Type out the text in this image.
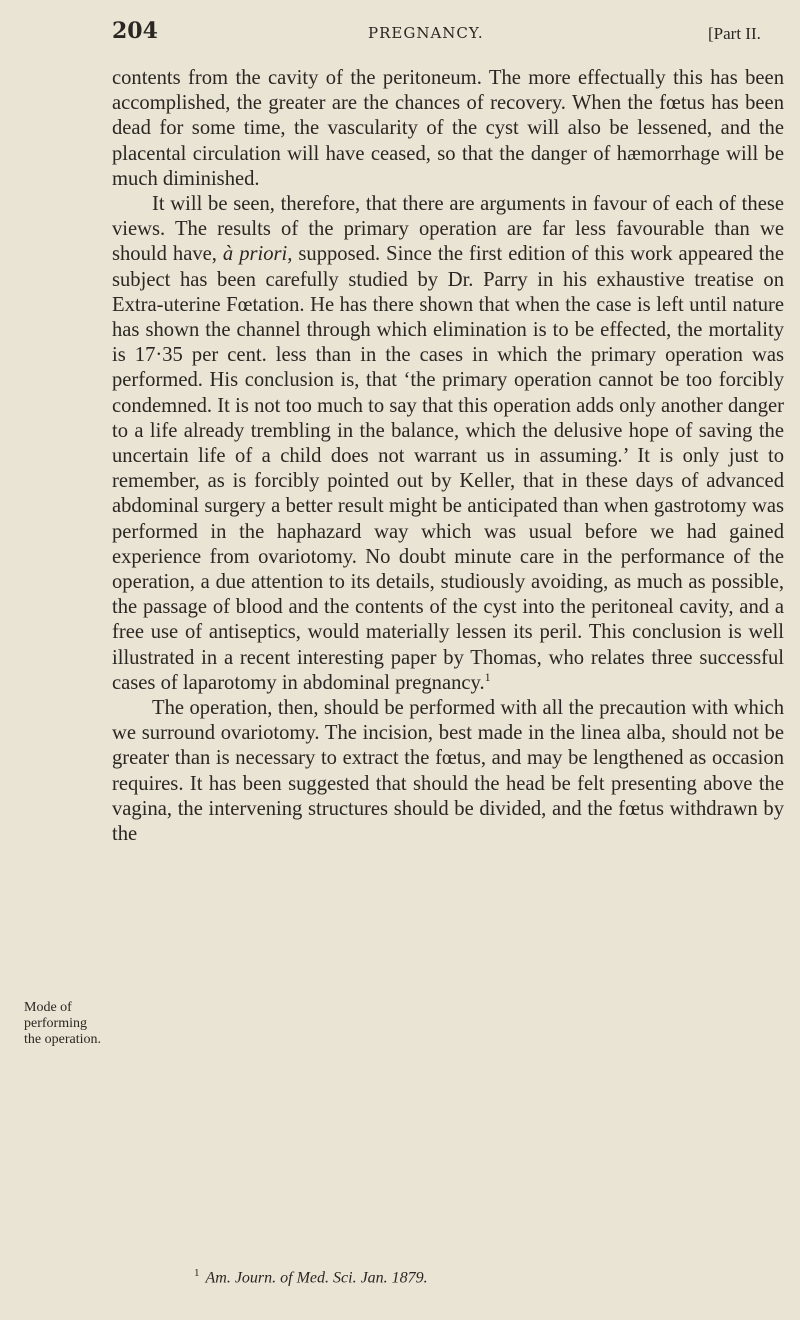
204	PREGNANCY.	[Part II.

contents from the cavity of the peritoneum. The more effectually this has been accomplished, the greater are the chances of recovery. When the fœtus has been dead for some time, the vascularity of the cyst will also be lessened, and the placental circulation will have ceased, so that the danger of hæmorrhage will be much diminished.

It will be seen, therefore, that there are arguments in favour of each of these views. The results of the primary operation are far less favourable than we should have, à priori, supposed. Since the first edition of this work appeared the subject has been carefully studied by Dr. Parry in his exhaustive treatise on Extra-uterine Fœtation. He has there shown that when the case is left until nature has shown the channel through which elimination is to be effected, the mortality is 17·35 per cent. less than in the cases in which the primary operation was performed. His conclusion is, that ‘the primary operation cannot be too forcibly condemned. It is not too much to say that this operation adds only another danger to a life already trembling in the balance, which the delusive hope of saving the uncertain life of a child does not warrant us in assuming.’ It is only just to remember, as is forcibly pointed out by Keller, that in these days of advanced abdominal surgery a better result might be anticipated than when gastrotomy was performed in the haphazard way which was usual before we had gained experience from ovariotomy. No doubt minute care in the performance of the operation, a due attention to its details, studiously avoiding, as much as possible, the passage of blood and the contents of the cyst into the peritoneal cavity, and a free use of antiseptics, would materially lessen its peril. This conclusion is well illustrated in a recent interesting paper by Thomas, who relates three successful cases of laparotomy in abdominal pregnancy.$^1$

The operation, then, should be performed with all the precaution with which we surround ovariotomy. The incision, best made in the linea alba, should not be greater than is necessary to extract the fœtus, and may be lengthened as occasion requires. It has been suggested that should the head be felt presenting above the vagina, the intervening structures should be divided, and the fœtus withdrawn by the

Mode of performing the operation.
$^1$ Am. Journ. of Med. Sci. Jan. 1879.
